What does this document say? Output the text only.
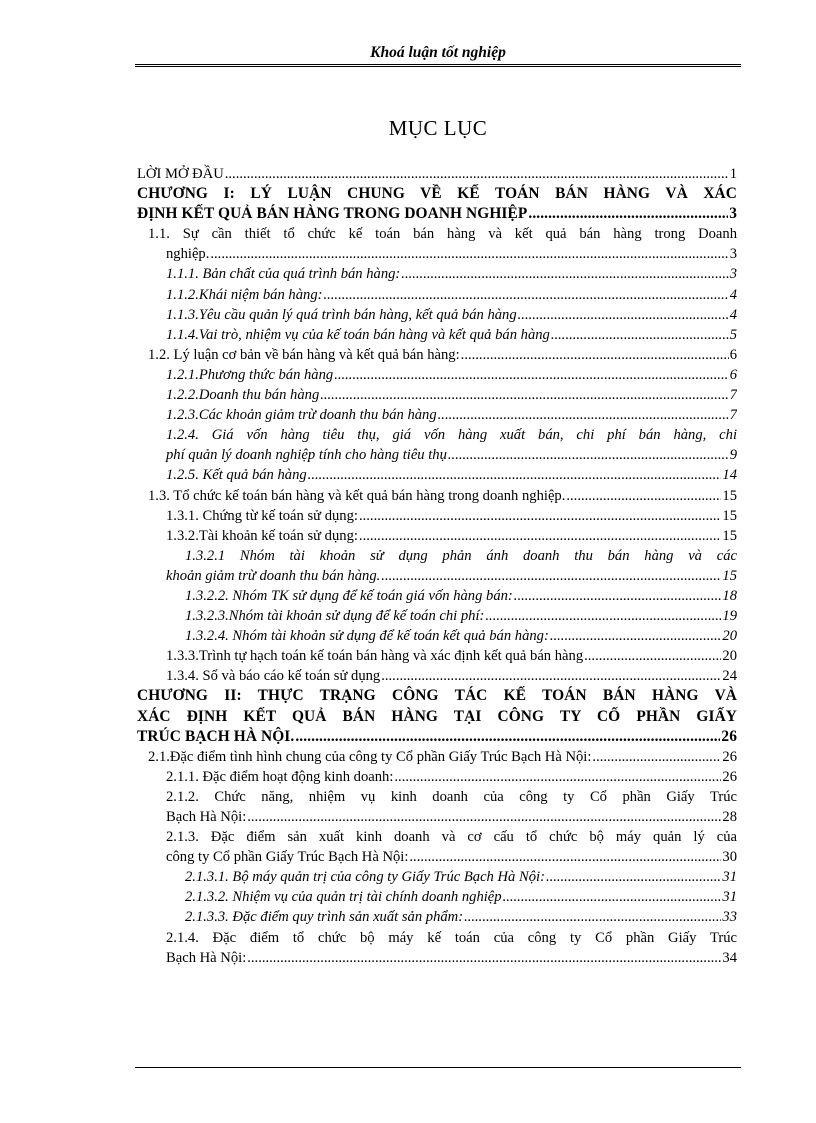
Khoá luận tốt nghiệp
MỤC LỤC
LỜI MỞ ĐẦU .....	1
CHƯƠNG I: LÝ LUẬN CHUNG VỀ KẾ TOÁN BÁN HÀNG VÀ XÁC
ĐỊNH KẾT QUẢ BÁN HÀNG TRONG DOANH NGHIỆP .....	3
1.1. Sự cần thiết tổ chức kế toán bán hàng và kết quả bán hàng trong Doanh
nghiệp. .....	3
1.1.1. Bản chất của quá trình bán hàng: .....	3
1.1.2.Khái niệm bán hàng: .....	4
1.1.3.Yêu cầu quản lý quá trình bán hàng, kết quả bán hàng .....	4
1.1.4.Vai trò, nhiệm vụ của kế toán bán hàng và kết quả bán hàng .....	5
1.2. Lý luận cơ bản về bán hàng và kết quả bán hàng: .....	6
1.2.1.Phương thức bán hàng .....	6
1.2.2.Doanh thu bán hàng .....	7
1.2.3.Các khoản giảm trừ doanh thu bán hàng .....	7
1.2.4. Giá vốn hàng tiêu thụ, giá vốn hàng xuất bán, chi phí bán hàng, chi
phí quản lý doanh nghiệp tính cho hàng tiêu thụ .....	9
1.2.5. Kết quả bán hàng .....	14
1.3. Tổ chức kế toán bán hàng và kết quả bán hàng trong doanh nghiệp. .....	15
1.3.1. Chứng từ kế toán sử dụng: .....	15
1.3.2.Tài khoản kế toán sử dụng: .....	15
1.3.2.1 Nhóm tài khoản sử dụng phản ánh doanh thu bán hàng và các
khoản giảm trừ doanh thu bán hàng. .....	15
1.3.2.2. Nhóm TK sử dụng để kế toán giá vốn hàng bán: .....	18
1.3.2.3.Nhóm tài khoản sử dụng để kế toán chi phí: .....	19
1.3.2.4. Nhóm tài khoản sử dụng để kế toán kết quả bán hàng: .....	20
1.3.3.Trình tự hạch toán kế toán bán hàng và xác định kết quả bán hàng .....	20
1.3.4. Sổ và báo cáo kế toán sử dụng .....	24
CHƯƠNG II: THỰC TRẠNG CÔNG TÁC KẾ TOÁN BÁN HÀNG VÀ
XÁC ĐỊNH KẾT QUẢ BÁN HÀNG TẠI CÔNG TY CỔ PHẦN GIẤY
TRÚC BẠCH HÀ NỘI. .....	26
2.1.Đặc điểm tình hình chung của công ty Cổ phần Giấy Trúc Bạch Hà Nội: .....	26
2.1.1. Đặc điểm hoạt động kinh doanh: .....	26
2.1.2. Chức năng, nhiệm vụ kinh doanh của công ty Cổ phần Giấy Trúc
Bạch Hà Nội: .....	28
2.1.3. Đặc điểm sản xuất kinh doanh và cơ cấu tổ chức bộ máy quản lý của
công ty Cổ phần Giấy Trúc Bạch Hà Nội: .....	30
2.1.3.1. Bộ máy quản trị của công ty Giấy Trúc Bạch Hà Nội: .....	31
2.1.3.2. Nhiệm vụ của quản trị tài chính doanh nghiệp .....	31
2.1.3.3. Đặc điểm quy trình sản xuất sản phẩm: .....	33
2.1.4. Đặc điểm tổ chức bộ máy kế toán của công ty Cổ phần Giấy Trúc
Bạch Hà Nội: .....	34
